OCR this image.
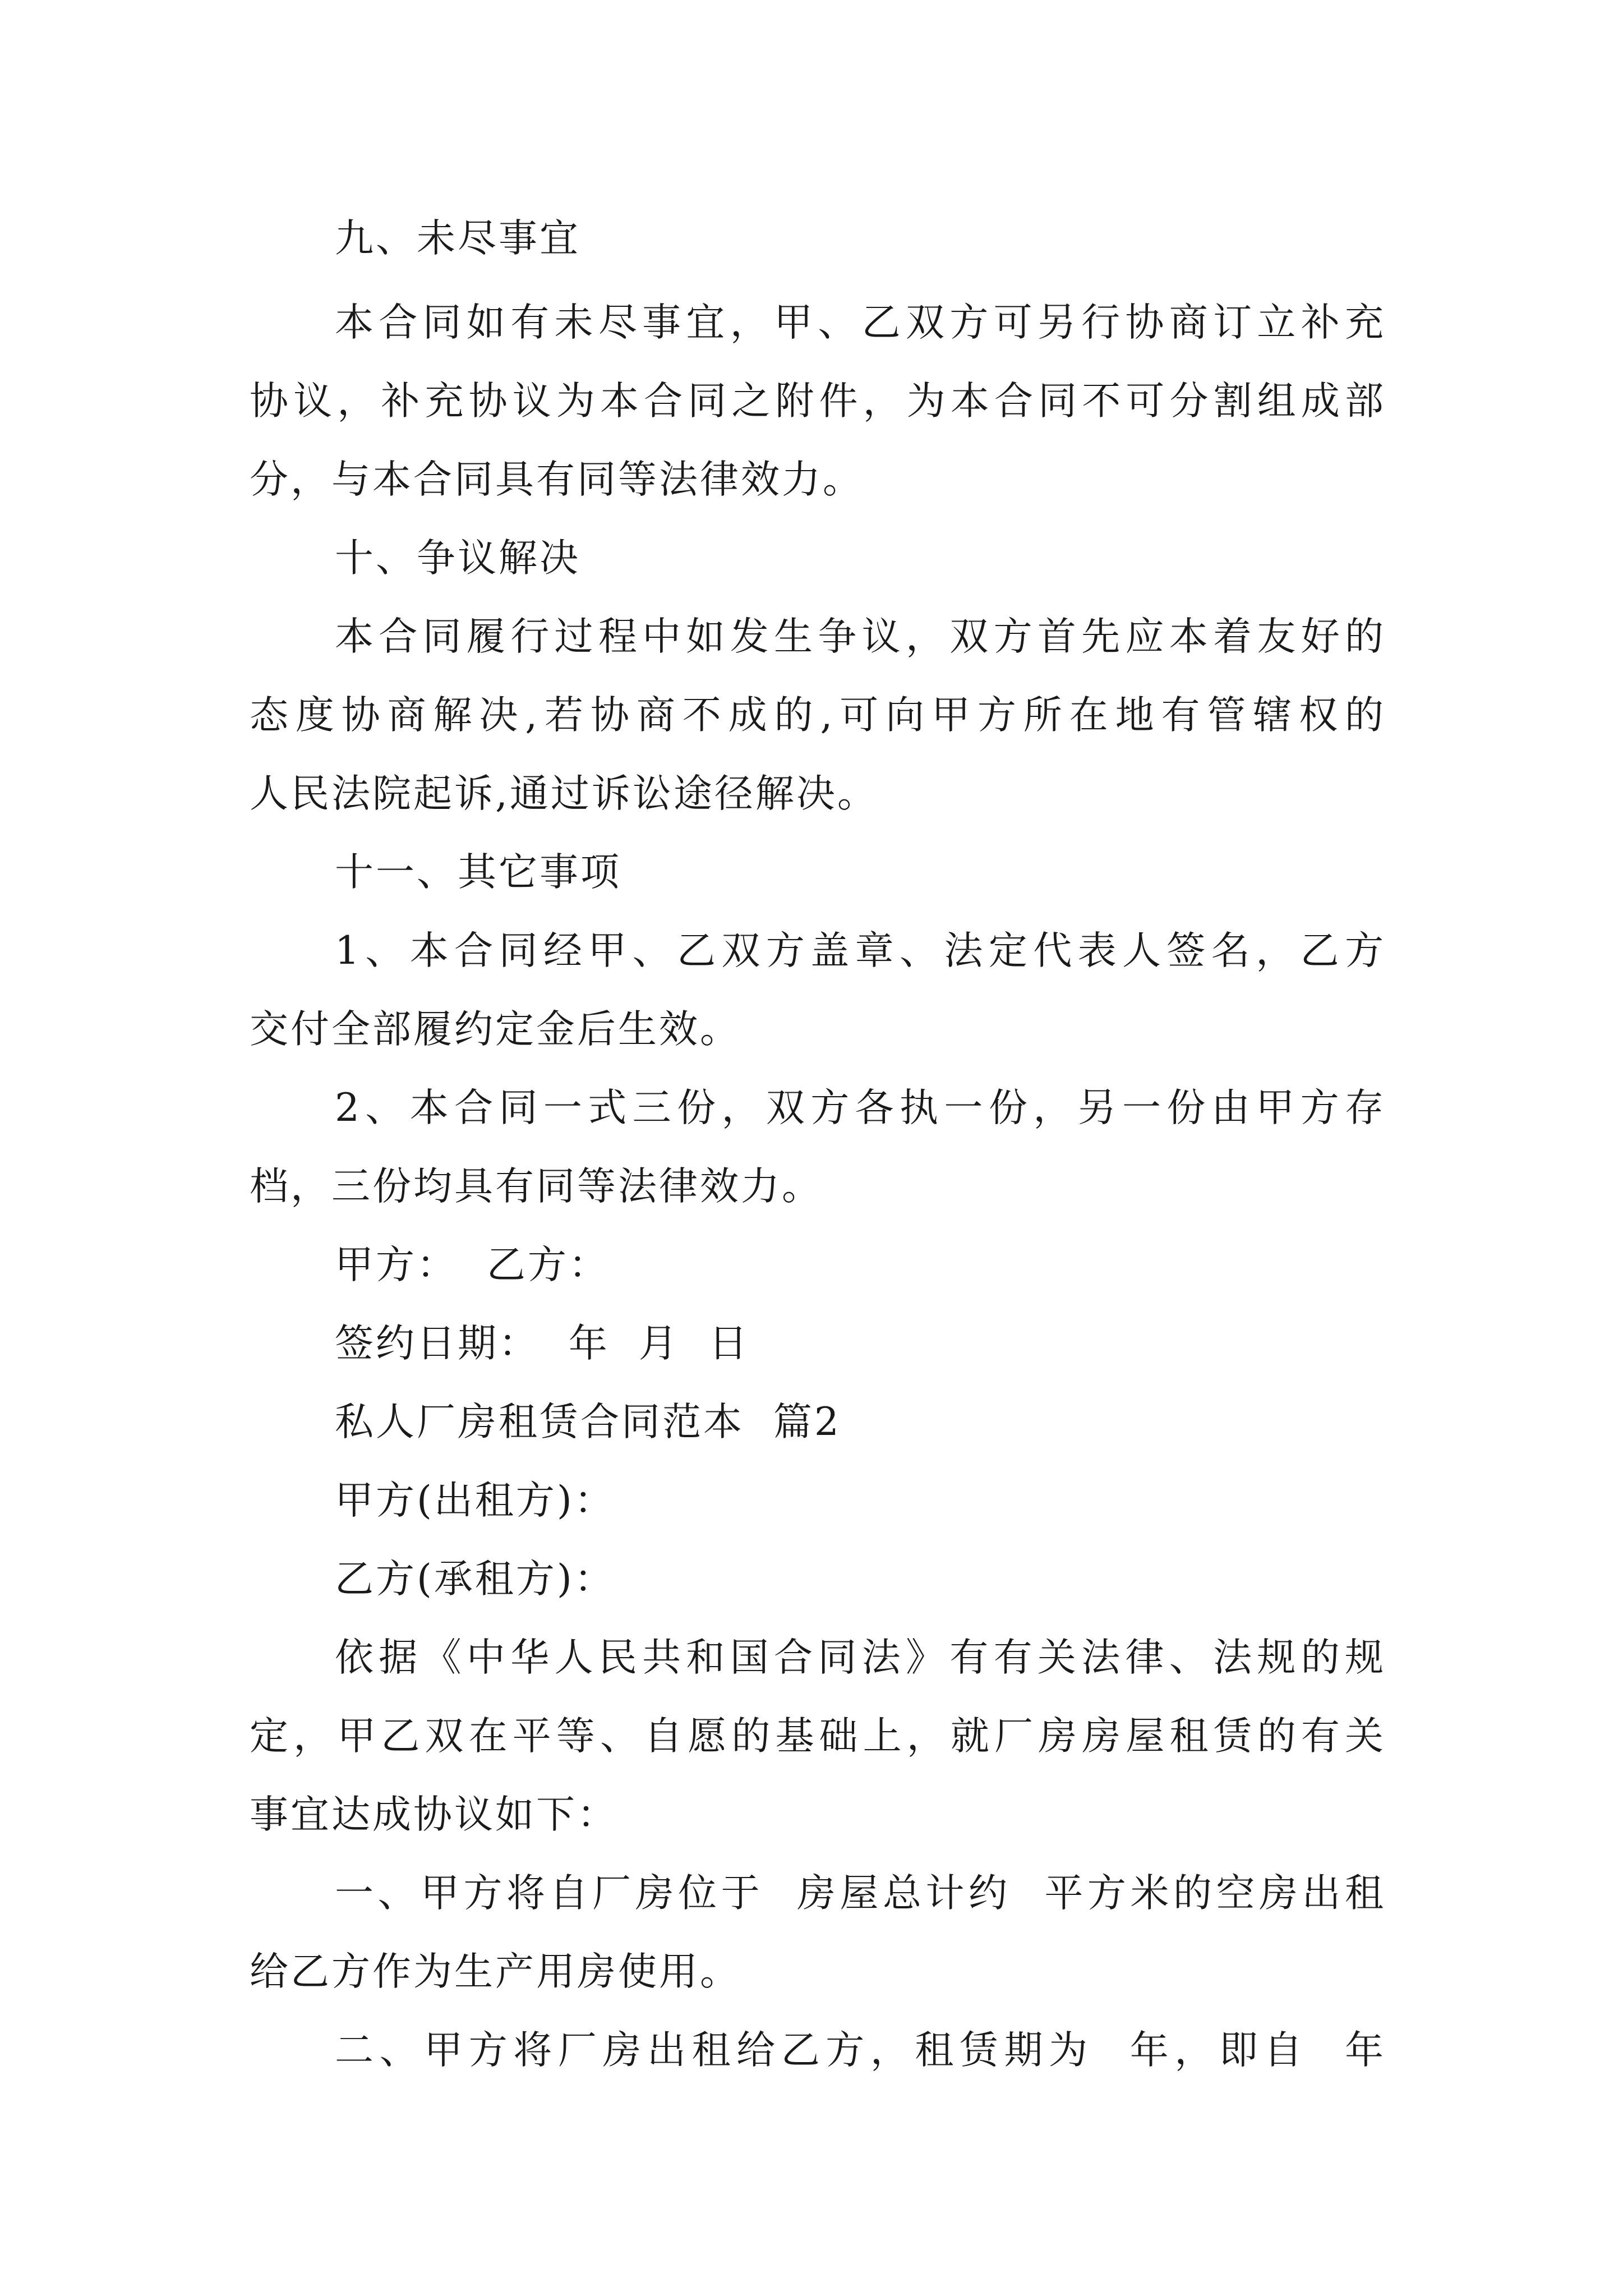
九、未尽事宜
本合同如有未尽事宜，甲、乙双方可另行协商订立补充
协议，补充协议为本合同之附件，为本合同不可分割组成部
分，与本合同具有同等法律效力。
十、争议解决
本合同履行过程中如发生争议，双方首先应本着友好的
态度协商解决,若协商不成的,可向甲方所在地有管辖权的
人民法院起诉,通过诉讼途径解决。
十一、其它事项
1、本合同经甲、乙双方盖章、法定代表人签名，乙方
交付全部履约定金后生效。
2、本合同一式三份，双方各执一份，另一份由甲方存
档，三份均具有同等法律效力。
甲方：  乙方：
签约日期：  年  月  日
私人厂房租赁合同范本  篇2
甲方(出租方)：
乙方(承租方)：
依据《中华人民共和国合同法》有有关法律、法规的规
定，甲乙双在平等、自愿的基础上，就厂房房屋租赁的有关
事宜达成协议如下：
一、甲方将自厂房位于  房屋总计约  平方米的空房出租
给乙方作为生产用房使用。
二、甲方将厂房出租给乙方，租赁期为  年，即自  年
